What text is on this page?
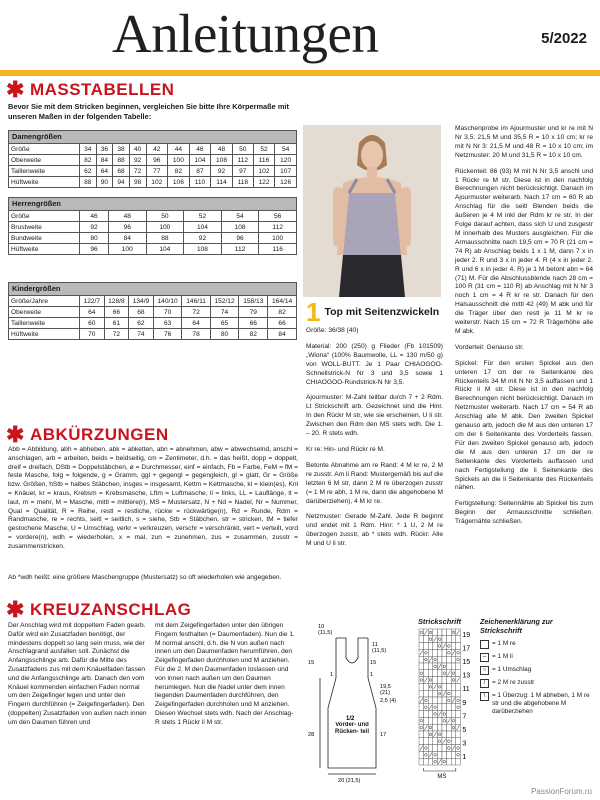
Anleitungen	5/2022
✱ MASSTABELLEN
Bevor Sie mit dem Stricken beginnen, vergleichen Sie bitte Ihre Körpermaße mit unseren Maßen in der folgenden Tabelle:
Damengrößen
Größe	34	36	38	40	42	44	46	48	50	52	54
Oberweite	82	84	88	92	96	100	104	108	112	116	120
Taillenweite	62	64	68	72	77	82	87	92	97	102	107
Hüftweite	88	90	94	98	102	106	110	114	118	122	126
Herrengrößen
Größe	46	48	50	52	54	56
Brustweite	92	96	100	104	108	112
Bundweite	80	84	88	92	96	100
Hüftweite	96	100	104	108	112	116
Kindergrößen
Größe/Jahre	122/7	128/8	134/9	140/10	146/11	152/12	158/13	164/14
Oberweite	64	66	68	70	72	74	79	82
Taillenweite	60	61	62	63	64	65	66	66
Hüftweite	70	72	74	76	78	80	82	84
✱ ABKÜRZUNGEN
Abb = Abbildung, abh = abheben, abk = abketten, abn = abnehmen, abw = abwechselnd, anschl = anschlagen, arb = arbeiten, beids = beidseitig, cm = Zentimeter, d.h. = das heißt, dopp = doppelt, dreif = dreifach, DStb = Doppelstäbchen, ø = Durchmesser, einf = einfach, Fb = Farbe, FeM = fM = feste Masche, folg = folgende, g = Gramm, ggl + gegengl = gegengleich, gl = glatt, Gr = Größe bzw. Größen, hStb = halbes Stäbchen, insges = insgesamt, Kettm = Kettmasche, kl = klein(es), Knl = Knäuel, kr = kraus, Krebsm = Krebsmasche, Lftm = Luftmasche, li = links, LL = Lauflänge, lt = laut, m = mehr, M = Masche, mittl = mittlere(r), MS = Mustersatz, N + Nd = Nadel, Nr = Nummer, Qual = Qualität, R = Reihe, restl = restliche, rückw = rückwärtige(n), Rd = Runde, Rdm = Randmasche, re = rechts, seitl = seitlich, s = siehe, Stb = Stäbchen, str = stricken, tM = tiefer gestochene Masche, U = Umschlag, verkr = verkreuzen, verschr = verschränkt, vert = verteilt, vord = vordere(n), wdh = wiederholen, x = mal, zun = zunehmen, zus = zusammen, zusstr = zusammenstricken.
Ab *wdh heißt: eine größere Maschengruppe (Mustersatz) so oft wiederholen wie angegeben.
✱ KREUZANSCHLAG
Der Anschlag wird mit doppeltem Faden gearb. Dafür wird ein Zusatzfaden benötigt, der mindestens doppelt so lang sein muss, wie der Anschlagrand ausfallen soll. Zunächst die Anfangsschlinge arb. Dafür die Mitte des Zusatzfadens zus mit dem Knäuelfaden fassen und die Anfangsschlinge arb. Danach den vom Knäuel kommenden einfachen Faden normal um den Zeigefinger legen und unter den Fingern durchführen (= Zeigefingerfaden). Den (doppelten) Zusatzfaden von außen nach innen um den Daumen führen und
mit dem Zeigefingerfaden unter den übrigen Fingern festhalten (= Daumenfaden). Nun die 1. M normal anschl, d.h. die N von außen nach innen um den Daumenfaden herumführen, den Zeigefingerfaden durchholen und M anziehen. Für die 2. M den Daumenfaden loslassen und von innen nach außen um den Daumen herumlegen. Nun die Nadel unter dem innen liegenden Daumenfaden durchführen, den Zeigefingerfaden durchholen und M anziehen. Diesen Wechsel stets wdh. Nach der Anschlag-R stets 1 Rückr li M str.
1 Top mit Seitenzwickeln

Größe: 36/38 (40)

Material: 200 (250) g Flieder (Fb 101509) „Wiona“ (100% Baumwolle, LL = 130 m/50 g) von WOLL-BUTT. Je 1 Paar CHIAOGOO-Schnellstrick-N Nr 3 und 3,5 sowie 1 CHIAOGOO-Rundstrick-N Nr 3,5.

Ajourmuster: M-Zahl teilbar durch 7 + 2 Rdm. Lt Strickschrift arb. Gezeichnet sind die Hinr. In den Rückr M str, wie sie erscheinen, U li str. Zwischen den Rdm den MS stets wdh. Die 1. – 20. R stets wdh.

Kr re: Hin- und Rückr re M.

Betonte Abnahme am re Rand: 4 M kr re, 2 M re zusstr. Am li Rand: Mustergemäß bis auf die letzten 6 M str, dann 2 M re überzogen zusstr (= 1 M re abh, 1 M re, dann die abgehobene M darüberziehen), 4 M kr re.

Netzmuster: Gerade M-Zahl. Jede R beginnt und endet mit 1 Rdm. Hinr: * 1 U, 2 M re überzogen zusstr, ab * stets wdh. Rückr: Alle M und U li str.

Maschenprobe im Ajourmuster und kr re mit N Nr 3,5: 21,5 M und 35,5 R = 10 x 10 cm; kr re mit N Nr 3: 21,5 M und 48 R = 10 x 10 cm; im Netzmuster: 20 M und 31,5 R = 10 x 10 cm.

Rückenteil: 86 (93) M mit N Nr 3,5 anschl und 1 Rückr re M str. Diese ist in den nachfolg Berechnungen nicht berücksichtigt. Danach im Ajourmuster weiterarb. Nach 17 cm = 60 R ab Anschlag für die seitl Blenden beids die äußeren je 4 M inkl der Rdm kr re str. In der Folge darauf achten, dass sich U und zusgestr M innerhalb des Musters ausgleichen. Für die Armausschnitte nach 19,5 cm = 70 R (21 cm = 74 R) ab Anschlag beids 1 x 1 M, dann 7 x in jeder 2. R und 3 x in jeder 4. R (4 x in jeder 2. R und 6 x in jeder 4. R) je 1 M betont abn = 64 (71) M. Für die Abschlussblende nach 28 cm = 100 R (31 cm = 110 R) ab Anschlag mit N Nr 3 noch 1 cm = 4 R kr re str. Danach für den Halsausschnitt die mittl 42 (49) M abk und für die Träger über den restl je 11 M kr re weiterstr. Nach 15 cm = 72 R Trägerhöhe alle M abk.

Vorderteil: Genauso str.

Spickel: Für den ersten Spickel aus den unteren 17 cm der re Seitenkante des Rückenteils 34 M mit N Nr 3,5 auffassen und 1 Rückr li M str. Diese ist in den nachfolg Berechnungen nicht berücksichtigt. Danach im Netzmuster weiterarb. Nach 17 cm = 54 R ab Anschlag alle M abk. Den zweiten Spickel genauso arb, jedoch die M aus den unteren 17 cm der li Seitenkante des Vorderteils fassen. Für den zweiten Spickel genauso arb, jedoch die M aus den unteren 17 cm der re Seitenkante des Vorderteils auffassen und nach Fertigstellung die li Seitenkante des Spickels an die li Seitenkante des Rückenteils nähen.

Fertigstellung: Seitennähte ab Spickel bis zum Beginn der Armausschnitte schließen. Trägernähte schließen.

10
(11,5)
11
(11,5)
15	15
1	1
19,5
(21)
2,5 (4)
28	17
1/2
Vorder- und Rücken- teil
20 (21,5)
Strickschrift
MS
19
17
15
13
11
9
7
5
3
1
Zeichenerklärung zur Strickschrift
= 1 M re
– = 1 M li
○ = 1 Umschlag
/	= 2 M re zusstr
\	= 1 Überzug: 1 M abheben, 1 M re str und die abgehobene M darüberziehen
PassionForum.ru
